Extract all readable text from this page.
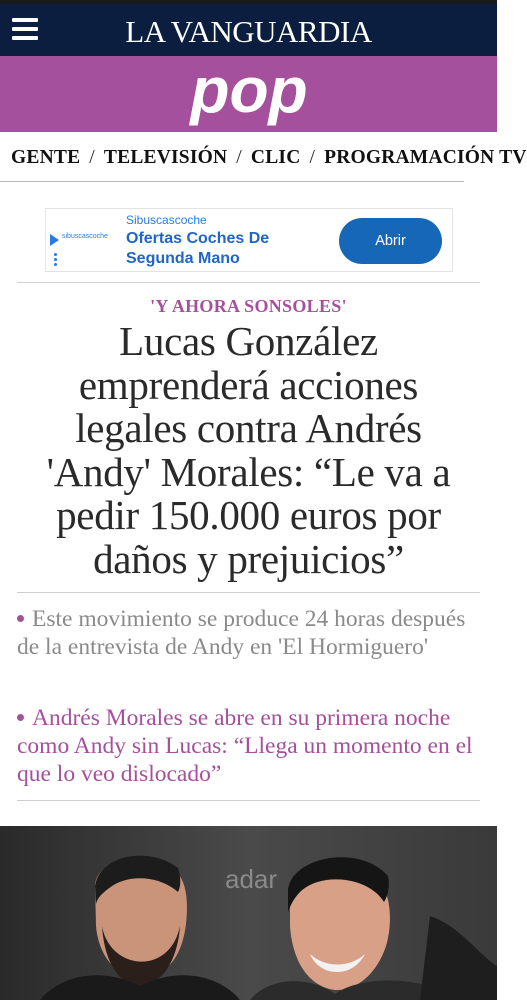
LA VANGUARDIA
pop
GENTE / TELEVISIÓN / CLIC / PROGRAMACIÓN TV
sibuscascoche
Sibuscascoche
Ofertas Coches De Segunda Mano
Abrir
'Y AHORA SONSOLES'
Lucas González emprenderá acciones legales contra Andrés 'Andy' Morales: “Le va a pedir 150.000 euros por daños y prejuicios”
Este movimiento se produce 24 horas después de la entrevista de Andy en 'El Hormiguero'
Andrés Morales se abre en su primera noche como Andy sin Lucas: “Llega un momento en el que lo veo dislocado”
adar
